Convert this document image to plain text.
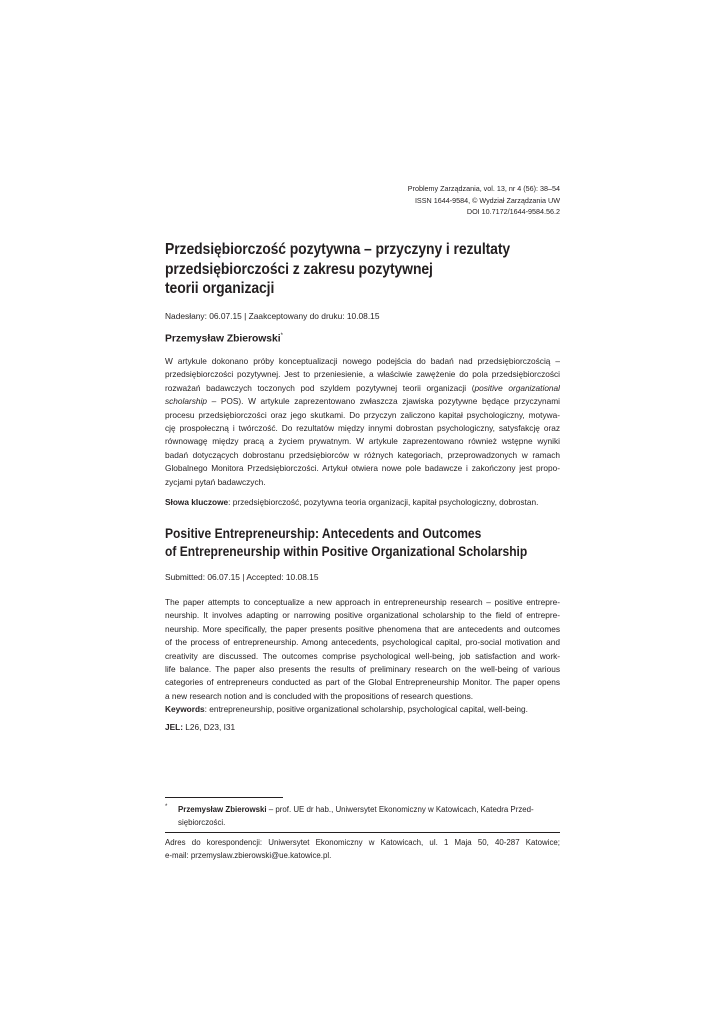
Problemy Zarządzania, vol. 13, nr 4 (56): 38–54
ISSN 1644-9584, © Wydział Zarządzania UW
DOI 10.7172/1644-9584.56.2
Przedsiębiorczość pozytywna – przyczyny i rezultaty
przedsiębiorczości z zakresu pozytywnej
teorii organizacji
Nadesłany: 06.07.15 | Zaakceptowany do druku: 10.08.15
Przemysław Zbierowski*
W artykule dokonano próby konceptualizacji nowego podejścia do badań nad przedsiębiorczością –
przedsiębiorczości pozytywnej. Jest to przeniesienie, a właściwie zawężenie do pola przedsiębiorczości
rozważań badawczych toczonych pod szyldem pozytywnej teorii organizacji (positive organizational
scholarship – POS). W artykule zaprezentowano zwłaszcza zjawiska pozytywne będące przyczynami
procesu przedsiębiorczości oraz jego skutkami. Do przyczyn zaliczono kapitał psychologiczny, motywa-
cję prospołeczną i twórczość. Do rezultatów między innymi dobrostan psychologiczny, satysfakcję oraz
równowagę między pracą a życiem prywatnym. W artykule zaprezentowano również wstępne wyniki
badań dotyczących dobrostanu przedsiębiorców w różnych kategoriach, przeprowadzonych w ramach
Globalnego Monitora Przedsiębiorczości. Artykuł otwiera nowe pole badawcze i zakończony jest propo-
zycjami pytań badawczych.
Słowa kluczowe: przedsiębiorczość, pozytywna teoria organizacji, kapitał psychologiczny, dobrostan.
Positive Entrepreneurship: Antecedents and Outcomes
of Entrepreneurship within Positive Organizational Scholarship
Submitted: 06.07.15 | Accepted: 10.08.15
The paper attempts to conceptualize a new approach in entrepreneurship research – positive entrepre-
neurship. It involves adapting or narrowing positive organizational scholarship to the field of entrepre-
neurship. More specifically, the paper presents positive phenomena that are antecedents and outcomes
of the process of entrepreneurship. Among antecedents, psychological capital, pro-social motivation and
creativity are discussed. The outcomes comprise psychological well-being, job satisfaction and work-
life balance. The paper also presents the results of preliminary research on the well-being of various
categories of entrepreneurs conducted as part of the Global Entrepreneurship Monitor. The paper opens
a new research notion and is concluded with the propositions of research questions.
Keywords: entrepreneurship, positive organizational scholarship, psychological capital, well-being.
JEL: L26, D23, I31
* Przemysław Zbierowski – prof. UE dr hab., Uniwersytet Ekonomiczny w Katowicach, Katedra Przed-
siębiorczości.
Adres do korespondencji: Uniwersytet Ekonomiczny w Katowicach, ul. 1 Maja 50, 40-287 Katowice;
e-mail: przemyslaw.zbierowski@ue.katowice.pl.
